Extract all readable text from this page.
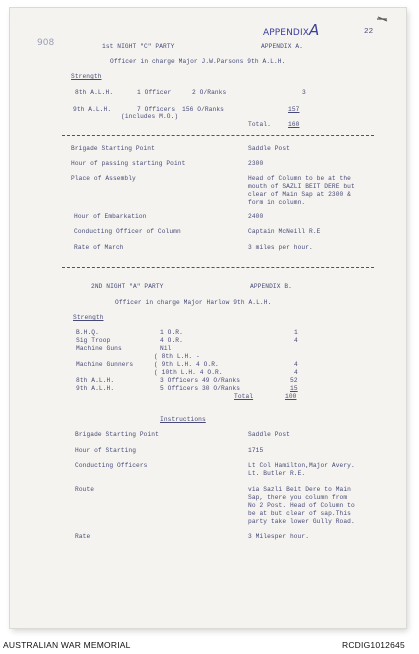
APPENDIXA	22
908	1st NIGHT "C" PARTY	APPENDIX A.
Officer in charge Major J.W.Parsons 9th A.L.H.
Strength
8th A.L.H.	1 Officer	2 O/Ranks	3
9th A.L.H.	7 Officers 156 O/Ranks	157
(includes M.O.)
Total.	160
Brigade Starting Point	Saddle Post
Hour of passing starting Point	2300
Place of Assembly	Head of Column to be at the
mouth of SAZLI BEIT DERE but
clear of Main Sap at 2300 &
form in column.
Hour of Embarkation	2400
Conducting Officer of Column	Captain McNeill R.E
Rate of March	3 miles per hour.
2ND NIGHT "A" PARTY	APPENDIX B.
Officer in charge Major Harlow 9th A.L.H.
Strength
B.H.Q.	1 O.R.	1
Sig Troop	4 O.R.	4
Machine Guns	Nil
( 8th L.H. -
Machine Gunners	( 9th L.H. 4 O.R.	4
( 10th L.H. 4 O.R.	4
8th A.L.H.	3 Officers 49 O/Ranks	52
9th A.L.H.	5 Officers 30 O/Ranks	15
Total	100
Instructions
Brigade Starting Point	Saddle Post
Hour of Starting	1715
Conducting Officers	Lt Col Hamilton,Major Avery.
Lt. Butler R.E.
Route	via Sazli Beit Dere to Main
Sap, there you column from
No 2 Post. Head of Column to
be at but clear of sap.This
party take lower Gully Road.
Rate	3 Milesper hour.
AUSTRALIAN WAR MEMORIAL	RCDIG1012645
